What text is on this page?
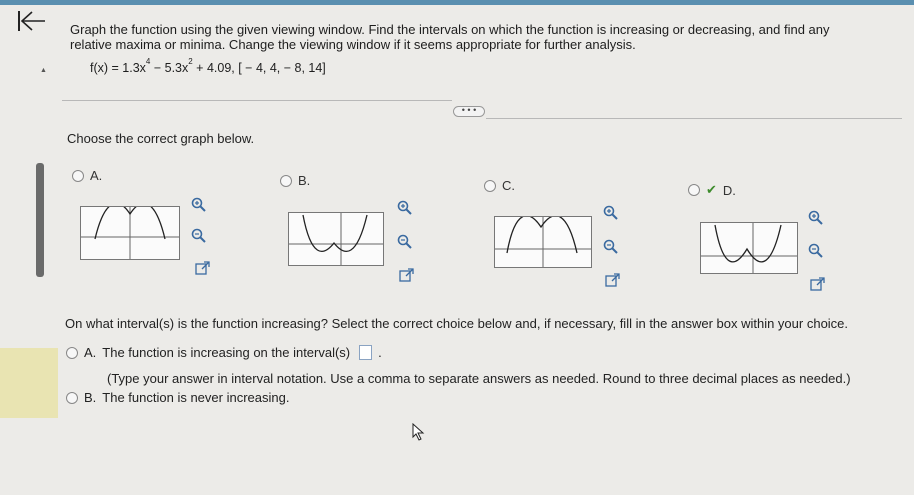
Graph the function using the given viewing window. Find the intervals on which the function is increasing or decreasing, and find any relative maxima or minima. Change the viewing window if it seems appropriate for further analysis.
▲	$f(x) = 1.3x^4 - 5.3x^2 + 4.09$, [ − 4, 4, − 8, 14]
• • •
Choose the correct graph below.
A.	B.	C.	✔ D.
On what interval(s) is the function increasing? Select the correct choice below and, if necessary, fill in the answer box within your choice.
A. The function is increasing on the interval(s) .
(Type your answer in interval notation. Use a comma to separate answers as needed. Round to three decimal places as needed.)
B. The function is never increasing.
